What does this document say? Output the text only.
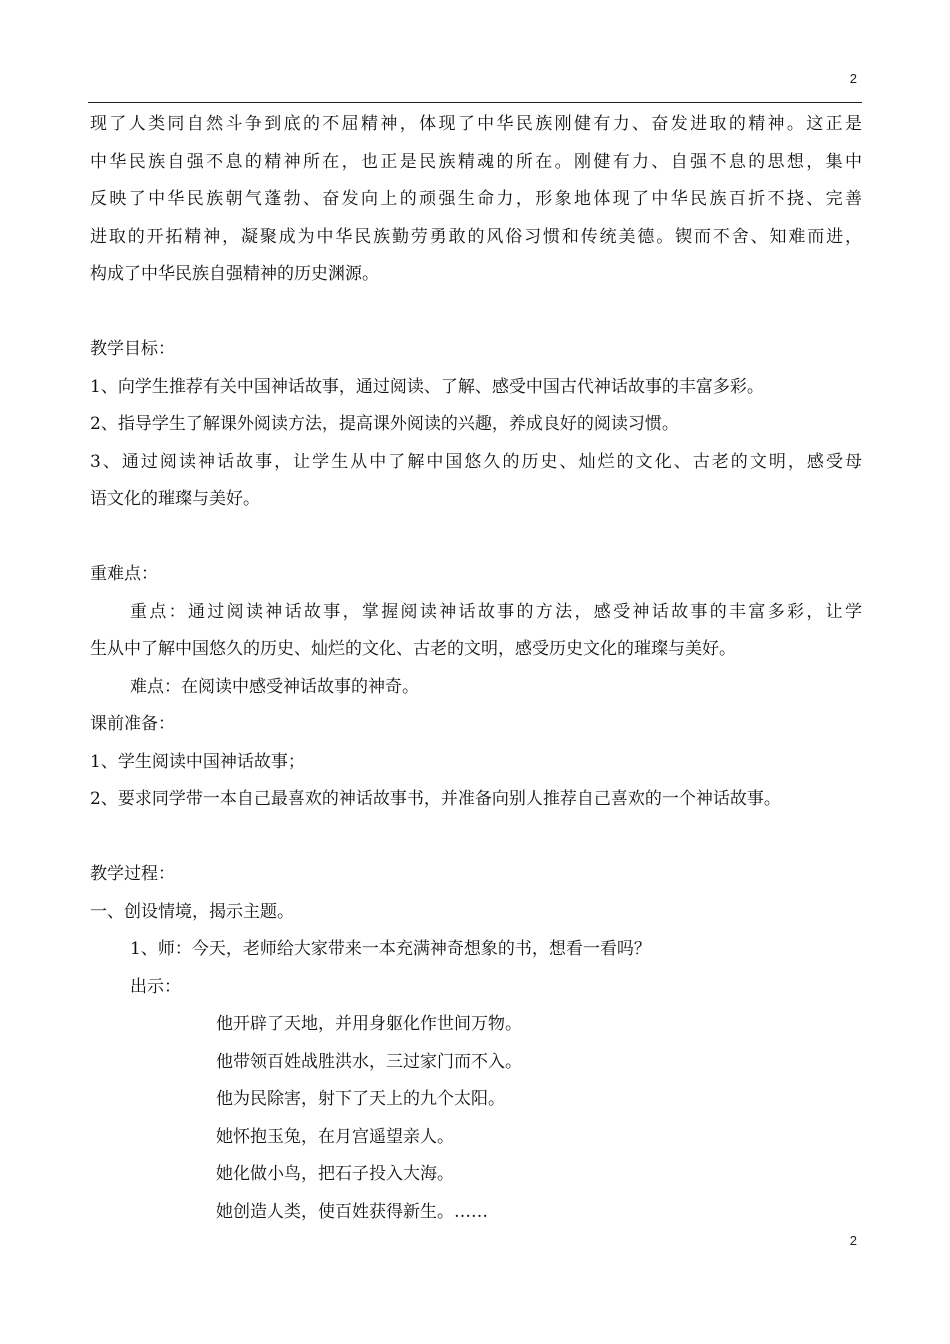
2
现了人类同自然斗争到底的不屈精神，体现了中华民族刚健有力、奋发进取的精神。这正是
中华民族自强不息的精神所在，也正是民族精魂的所在。刚健有力、自强不息的思想，集中
反映了中华民族朝气蓬勃、奋发向上的顽强生命力，形象地体现了中华民族百折不挠、完善
进取的开拓精神，凝聚成为中华民族勤劳勇敢的风俗习惯和传统美德。锲而不舍、知难而进，
构成了中华民族自强精神的历史渊源。
教学目标：
1、向学生推荐有关中国神话故事，通过阅读、了解、感受中国古代神话故事的丰富多彩。
2、指导学生了解课外阅读方法，提高课外阅读的兴趣，养成良好的阅读习惯。
3、通过阅读神话故事，让学生从中了解中国悠久的历史、灿烂的文化、古老的文明，感受母
语文化的璀璨与美好。
重难点：
重点：通过阅读神话故事，掌握阅读神话故事的方法，感受神话故事的丰富多彩，让学
生从中了解中国悠久的历史、灿烂的文化、古老的文明，感受历史文化的璀璨与美好。
难点：在阅读中感受神话故事的神奇。
课前准备：
1、学生阅读中国神话故事；
2、要求同学带一本自己最喜欢的神话故事书，并准备向别人推荐自己喜欢的一个神话故事。
教学过程：
一、创设情境，揭示主题。
1、师：今天，老师给大家带来一本充满神奇想象的书，想看一看吗？
出示：
他开辟了天地，并用身躯化作世间万物。
他带领百姓战胜洪水，三过家门而不入。
他为民除害，射下了天上的九个太阳。
她怀抱玉兔，在月宫遥望亲人。
她化做小鸟，把石子投入大海。
她创造人类，使百姓获得新生。……
2
